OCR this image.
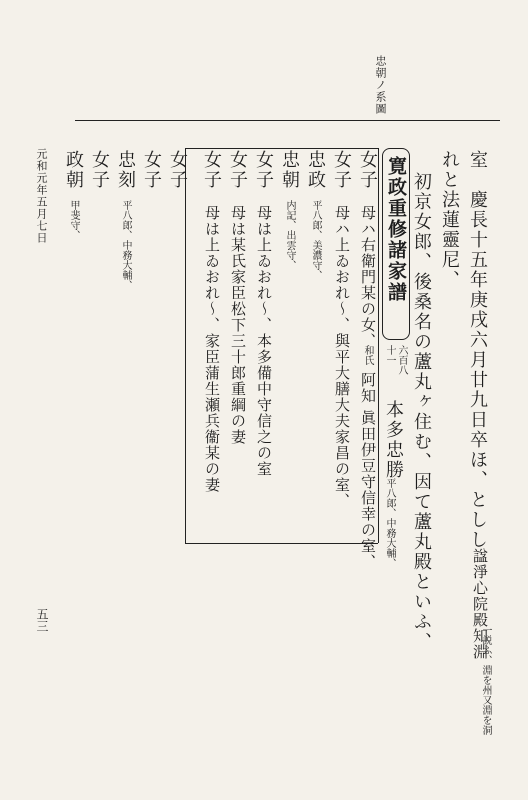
忠朝ノ系圖
室　慶長十五年庚戌六月廿九日卒ほ、としし
諡淨心院殿知淵
一説ふ、淵を州又淵を洞
れと法蓮靈尼、
初京女郎、後桑名の蘆丸ヶ住む、因て蘆丸殿といふ、
寛政重修諸家譜
六百八
十一
本多忠勝
平八郎、中務大輔、
女子
母ハ右衛門某の女、
和氏
阿知 眞田伊豆守信幸の室、
女子
母ハ上ゐおれ〜、與平大膳大夫家昌の室、
忠政
平八郎、美濃守、
忠朝
内記、出雲守、
女子
母は上ゐおれ〜、本多備中守信之の室
女子
母は某氏家臣松下三十郎重綱の妻
女子
母は上ゐおれ〜、家臣蒲生瀬兵衞某の妻
女子
女子
忠刻
平八郎、中務大輔、
女子
政朝
甲斐守、
元和元年五月七日
五三
